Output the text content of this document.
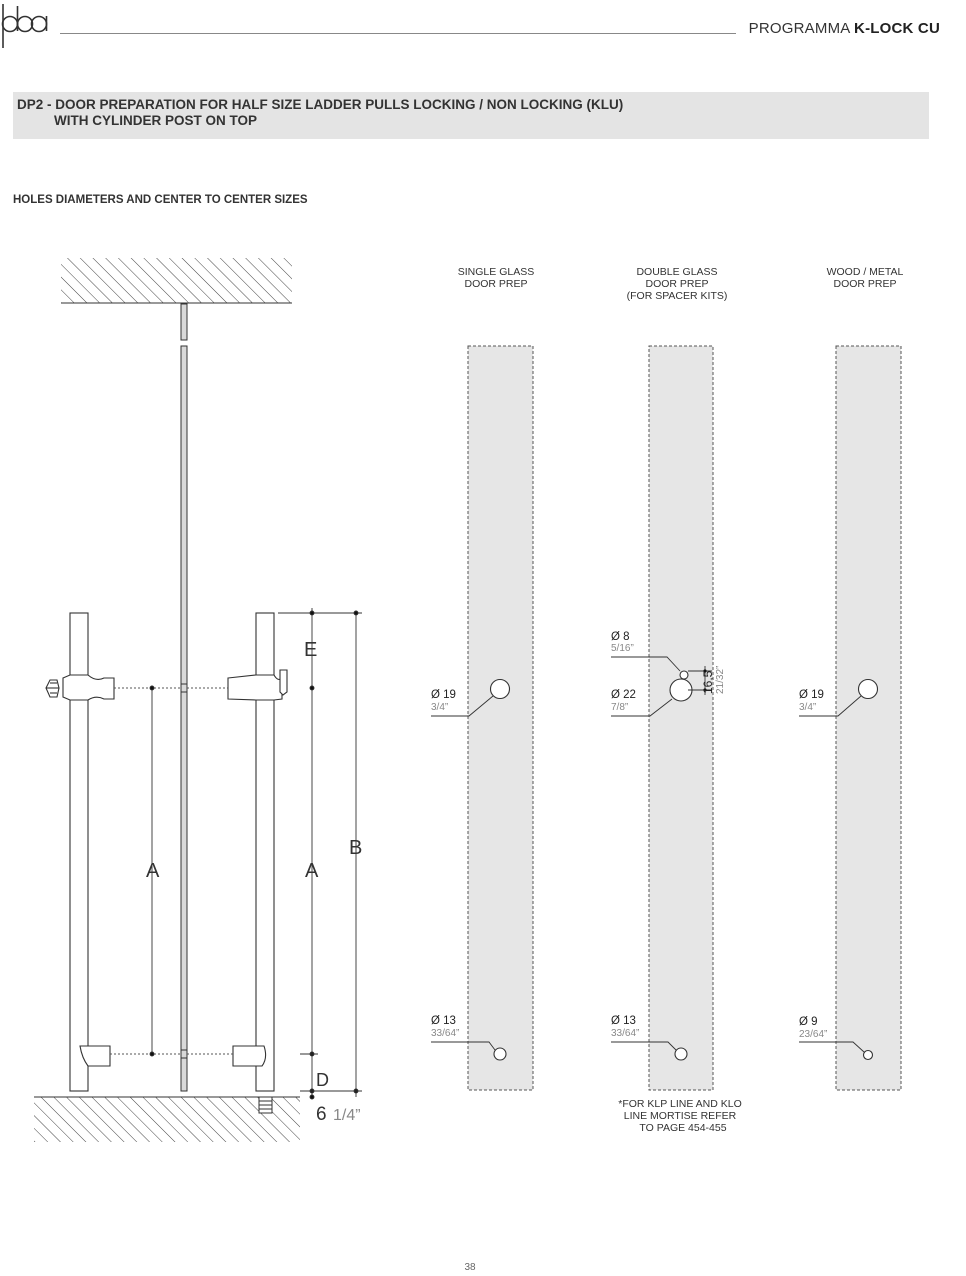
PROGRAMMA K-LOCK CU
DP2 - DOOR PREPARATION FOR HALF SIZE LADDER PULLS LOCKING / NON LOCKING (KLU)
WITH CYLINDER POST ON TOP
HOLES DIAMETERS AND CENTER TO CENTER SIZES
A	A
B
E
D
6 1/4”
SINGLE GLASS
DOOR PREP
DOUBLE GLASS
DOOR PREP
(FOR SPACER KITS)
WOOD / METAL
DOOR PREP
Ø 19
Ø 13
Ø 8
Ø 22
Ø 13
Ø 19
Ø 9
3/4”
33/64”
5/16”
7/8”
33/64”
3/4”
23/64”
16,5 21/32”
*FOR KLP LINE AND KLO
LINE MORTISE REFER
TO PAGE 454-455
38
